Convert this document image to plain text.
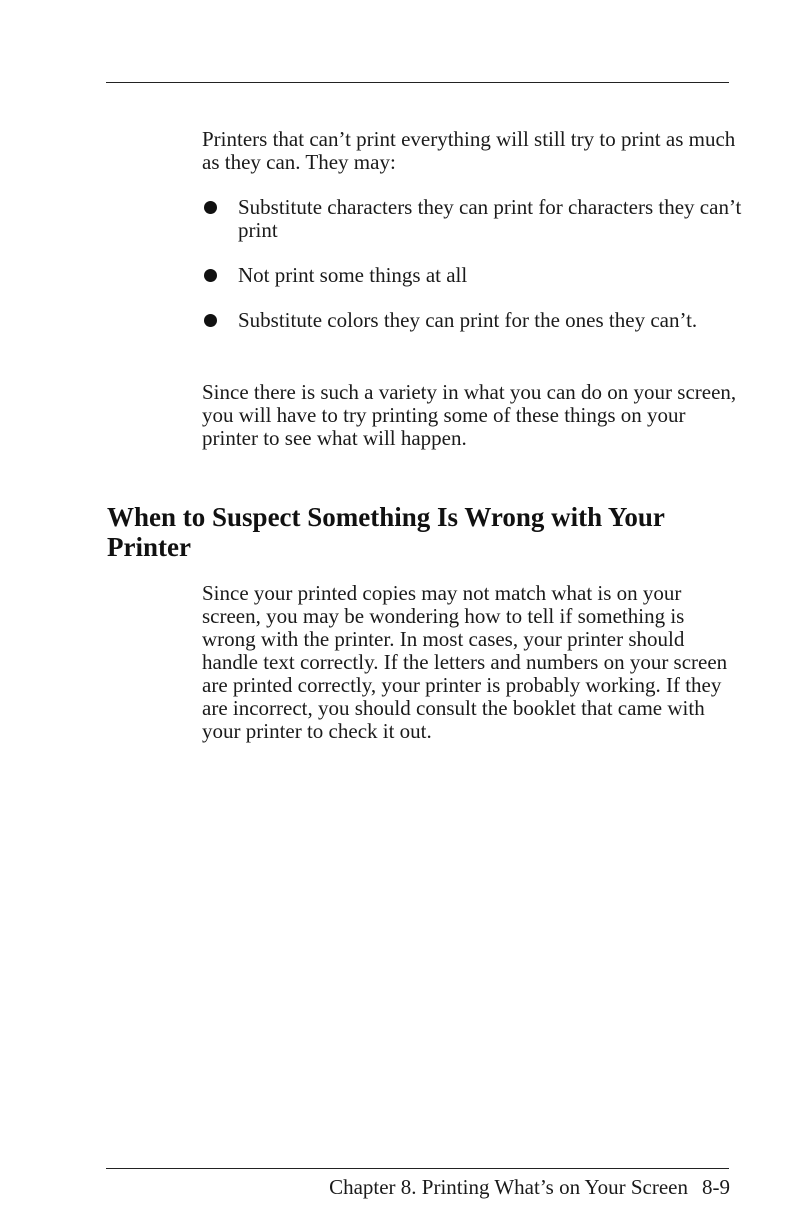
Printers that can’t print everything will still try to print as much as they can. They may:

Substitute characters they can print for characters they can’t print
Not print some things at all
Substitute colors they can print for the ones they can’t.

Since there is such a variety in what you can do on your screen, you will have to try printing some of these things on your printer to see what will happen.

When to Suspect Something Is Wrong with Your Printer

Since your printed copies may not match what is on your screen, you may be wondering how to tell if something is wrong with the printer. In most cases, your printer should handle text correctly. If the letters and numbers on your screen are printed correctly, your printer is probably working. If they are incorrect, you should consult the booklet that came with your printer to check it out.

Chapter 8. Printing What’s on Your Screen 8-9
